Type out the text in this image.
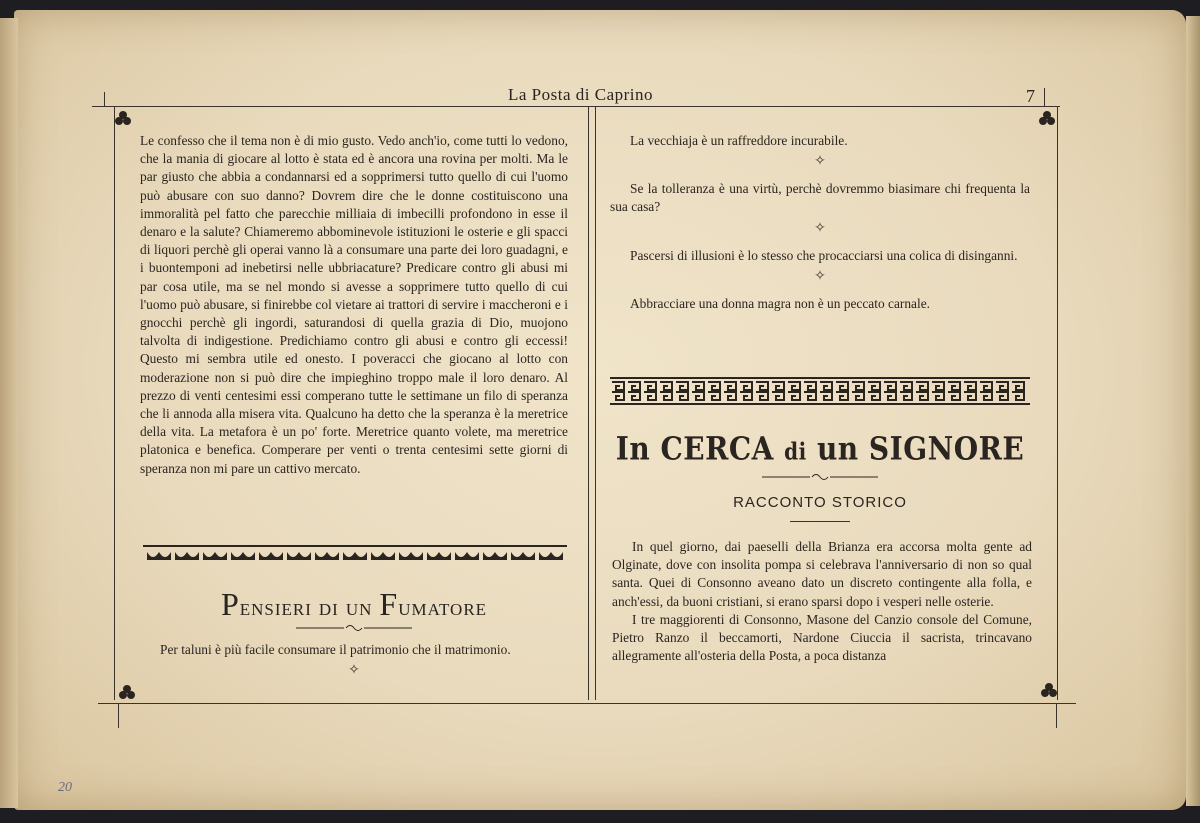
La Posta di Caprino	7

Le confesso che il tema non è di mio gusto. Vedo anch'io, come tutti lo vedono, che la mania di giocare al lotto è stata ed è ancora una rovina per molti. Ma le par giusto che abbia a condannarsi ed a sopprimersi tutto quello di cui l'uomo può abusare con suo danno? Dovrem dire che le donne costituiscono una immoralità pel fatto che parecchie milliaia di imbecilli profondono in esse il denaro e la salute? Chiameremo abbominevole istituzioni le osterie e gli spacci di liquori perchè gli operai vanno là a consumare una parte dei loro guadagni, e i buontemponi ad inebetirsi nelle ubbriacature? Predicare contro gli abusi mi par cosa utile, ma se nel mondo si avesse a sopprimere tutto quello di cui l'uomo può abusare, si finirebbe col vietare ai trattori di servire i maccheroni e i gnocchi perchè gli ingordi, saturandosi di quella grazia di Dio, muojono talvolta di indigestione. Predichiamo contro gli abusi e contro gli eccessi! Questo mi sembra utile ed onesto. I poveracci che giocano al lotto con moderazione non si può dire che impieghino troppo male il loro denaro. Al prezzo di venti centesimi essi comperano tutte le settimane un filo di speranza che li annoda alla misera vita. Qualcuno ha detto che la speranza è la meretrice della vita. La metafora è un po' forte. Meretrice quanto volete, ma meretrice platonica e benefica. Comperare per venti o trenta centesimi sette giorni di speranza non mi pare un cattivo mercato.

Pensieri di un Fumatore

Per taluni è più facile consumare il patrimonio che il matrimonio.

✧

La vecchiaja è un raffreddore incurabile.

✧

Se la tolleranza è una virtù, perchè dovremmo biasimare chi frequenta la sua casa?

✧

Pascersi di illusioni è lo stesso che procacciarsi una colica di disinganni.

✧

Abbracciare una donna magra non è un peccato carnale.

In CERCA di un SIGNORE
RACCONTO STORICO

In quel giorno, dai paeselli della Brianza era accorsa molta gente ad Olginate, dove con insolita pompa si celebrava l'anniversario di non so qual santa. Quei di Consonno aveano dato un discreto contingente alla folla, e anch'essi, da buoni cristiani, si erano sparsi dopo i vesperi nelle osterie.

I tre maggiorenti di Consonno, Masone del Canzio console del Comune, Pietro Ranzo il beccamorti, Nardone Ciuccia il sacrista, trincavano allegramente all'osteria della Posta, a poca distanza

20
